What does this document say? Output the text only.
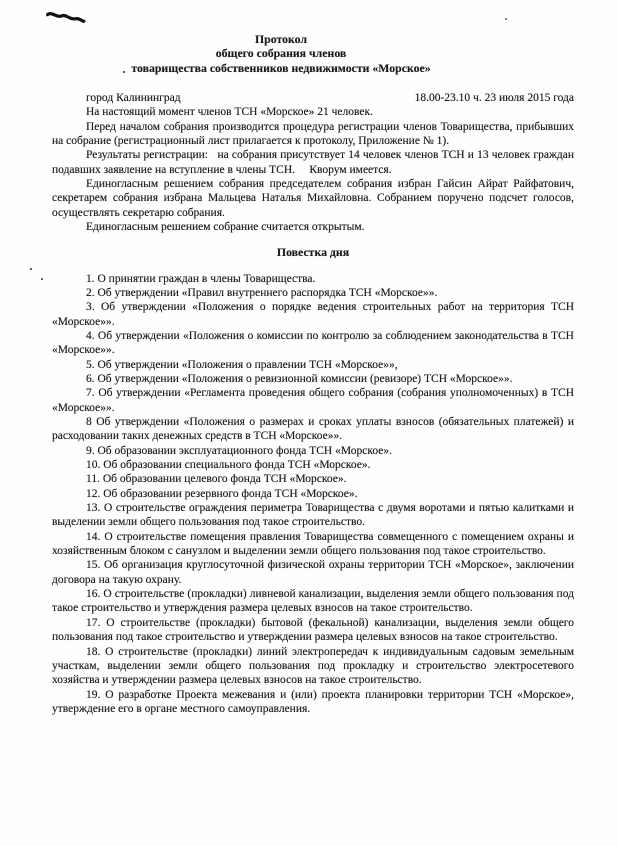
Протокол
общего собрания членов
товарищества собственников недвижимости «Морское»
город Калининград	18.00-23.10 ч. 23 июля 2015 года

На настоящий момент членов ТСН «Морское» 21 человек.

Перед началом собрания производится процедура регистрации членов Товарищества, прибывших на собрание (регистрационный лист прилагается к протоколу, Приложение № 1).

Результаты регистрации:   на собрания присутствует 14 человек членов ТСН и 13 человек граждан подавших заявление на вступление в члены ТСН.     Кворум имеется.

Единогласным решением собрания председателем собрания избран Гайсин Айрат Райфатович, секретарем собрания избрана Мальцева Наталья Михайловна. Собранием поручено подсчет голосов, осуществлять секретарю собрания.

Единогласным решением собрание считается открытым.

Повестка дня

1. О принятии граждан в члены Товарищества.

2. Об утверждении «Правил внутреннего распорядка ТСН «Морское»».

3. Об утверждении «Положения о порядке ведения строительных работ на территория ТСН «Морское»».

4. Об утверждении «Положения о комиссии по контролю за соблюдением законодательства в ТСН «Морское»».

5. Об утверждении «Положения о правлении ТСН «Морское»»,

6. Об утверждении «Положения о ревизионной комиссии (ревизоре) ТСН «Морское»».

7. Об утверждении «Регламента проведения общего собрания (собрания уполномоченных) в ТСН «Морское»».

8 Об утверждении «Положения о размерах и сроках уплаты взносов (обязательных платежей) и расходовании таких денежных средств в ТСН «Морское»».

9. Об образовании эксплуатационного фонда ТСН «Морское».

10. Об образовании специального фонда ТСН «Морское».

11. Об образовании целевого фонда ТСН «Морское».

12. Об образовании резервного фонда ТСН «Морское».

13. О строительстве ограждения периметра Товарищества с двумя воротами и пятью калитками и выделении земли общего пользования под такое строительство.

14. О строительстве помещения правления Товарищества совмещенного с помещением охраны и хозяйственным блоком с санузлом и выделении земли общего пользования под такое строительство.

15. Об организация круглосуточной физической охраны территории ТСН «Морское», заключении договора на такую охрану.

16. О строительстве (прокладки) ливневой канализации, выделения земли общего пользования под такое строительство и утверждения размера целевых взносов на такое строительство.

17. О строительстве (прокладки) бытовой (фекальной) канализации, выделения земли общего пользования под такое строительство и утверждении размера целевых взносов на такое строительство.

18. О строительстве (прокладки) линий электропередач к индивидуальным садовым земельным участкам, выделении земли общего пользования под прокладку и строительство электросетевого хозяйства и утверждении размера целевых взносов на такое строительство.

19. О разработке Проекта межевания и (или) проекта планировки территории ТСН «Морское», утверждение его в органе местного самоуправления.
